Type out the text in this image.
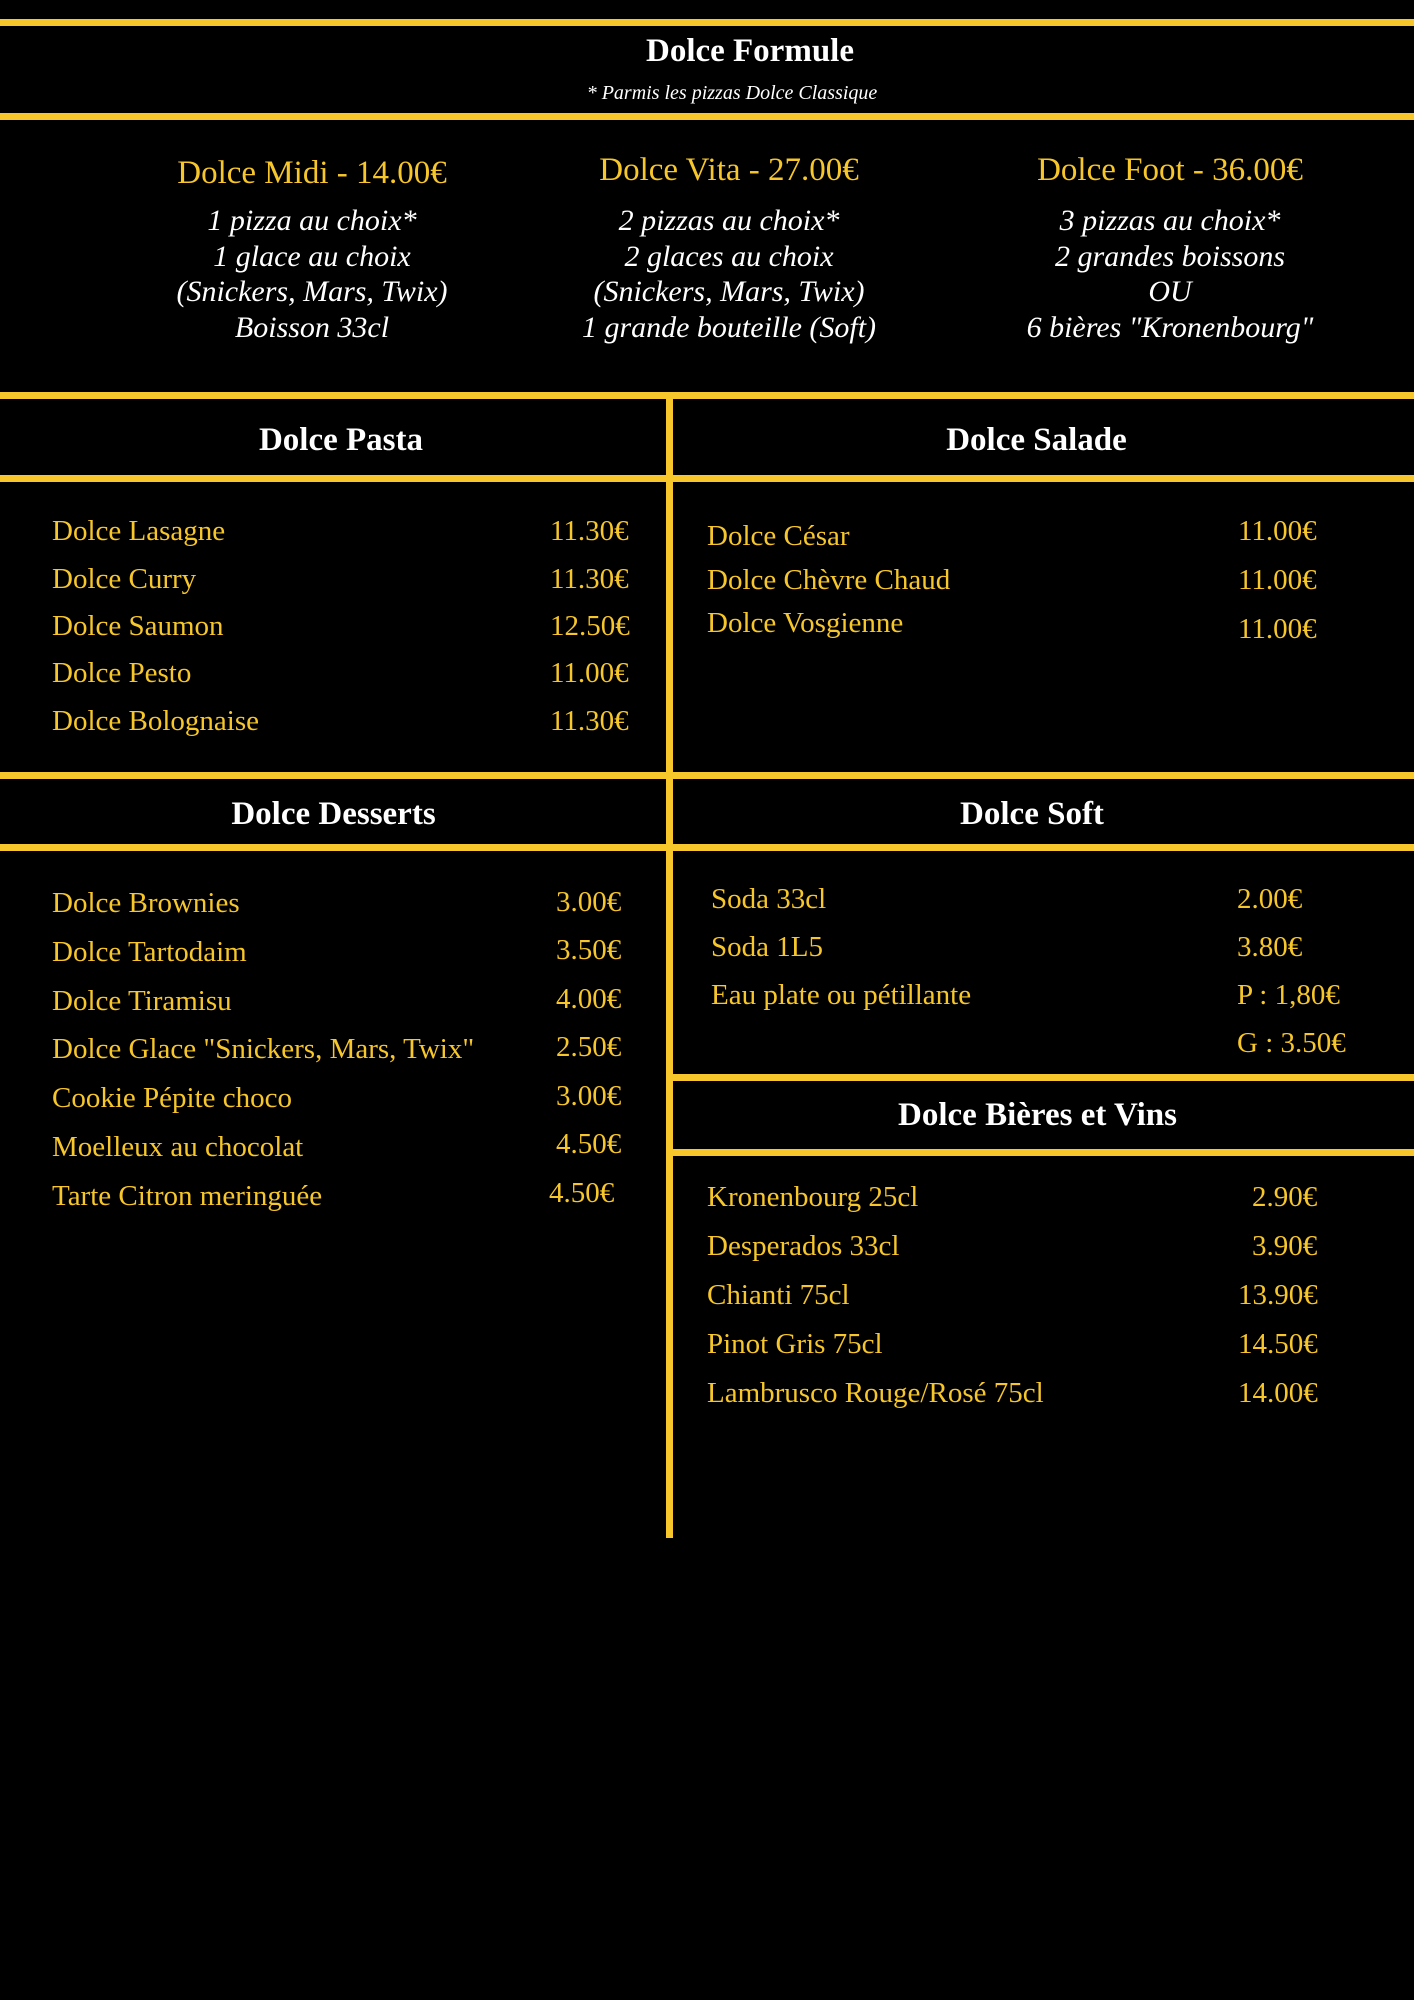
Dolce Formule
* Parmis les pizzas Dolce Classique
Dolce Midi - 14.00€
1 pizza au choix*
1 glace au choix
(Snickers, Mars, Twix)
Boisson 33cl
Dolce Vita - 27.00€
2 pizzas au choix*
2 glaces au choix
(Snickers, Mars, Twix)
1 grande bouteille (Soft)
Dolce Foot - 36.00€
3 pizzas au choix*
2 grandes boissons
OU
6 bières "Kronenbourg"
Dolce Pasta
Dolce Lasagne	11.30€
Dolce Curry	11.30€
Dolce Saumon	12.50€
Dolce Pesto	11.00€
Dolce Bolognaise	11.30€
Dolce Salade
Dolce César	11.00€
Dolce Chèvre Chaud	11.00€
Dolce Vosgienne	11.00€
Dolce Desserts
Dolce Brownies	3.00€
Dolce Tartodaim	3.50€
Dolce Tiramisu	4.00€
Dolce Glace "Snickers, Mars, Twix"	2.50€
Cookie Pépite choco	3.00€
Moelleux au chocolat	4.50€
Tarte Citron meringuée	4.50€
Dolce Soft
Soda 33cl	2.00€
Soda 1L5	3.80€
Eau plate ou pétillante	P : 1,80€
G : 3.50€
Dolce Bières et Vins
Kronenbourg 25cl	2.90€
Desperados 33cl	3.90€
Chianti 75cl	13.90€
Pinot Gris 75cl	14.50€
Lambrusco Rouge/Rosé 75cl	14.00€
